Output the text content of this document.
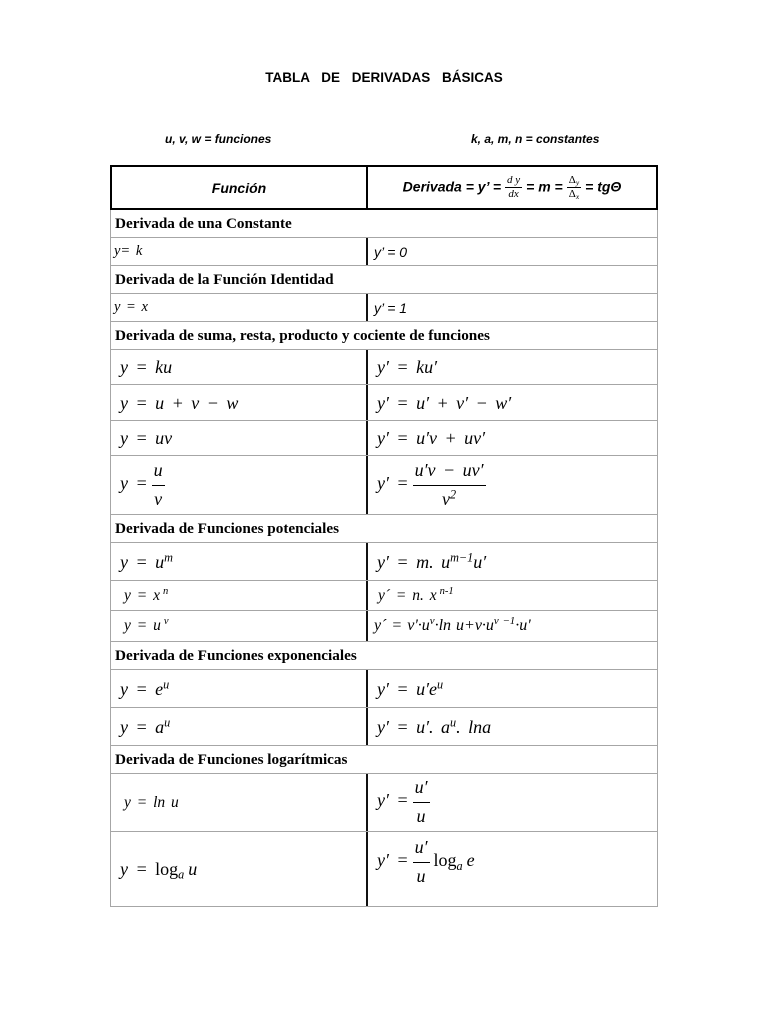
TABLA DE DERIVADAS BÁSICAS
u, v, w = funciones	k, a, m, n = constantes
Función	Derivada = y’ = $\frac{\text{d y}}{dx} = m = \frac{\Delta_y}{\Delta_x} = tg\Theta$
Derivada de una Constante
y= k	y’ = 0
Derivada de la Función Identidad
y = x	y’ = 1
Derivada de suma, resta, producto y cociente de funciones
y = ku	y′ = ku′
y = u + v − w	y′ = u′ + v′ − w′
y = uv	y′ = u′v + uv′
$y = \frac{u}{v}$	$y' = \frac{u'v - uv'}{v^2}$
Derivada de Funciones potenciales
$y = u^m$	y′ = m. $u^{m-1}u'$
y = x $^n$	y´ = n. x $^{n-1}$
y = u $^v$	y´ = $v'\cdot u^v\cdot\ln$ $u+v\cdot u^{v -1}\cdot u'$
Derivada de Funciones exponenciales
$y = e^u$	$y' = u'e^u$
$y = a^u$	y′ = u′. $a^u$. lna
Derivada de Funciones logarítmicas
y = ln u	$y' = \frac{u'}{u}$
$y = \log_a u$	$y' = \frac{u'}{u} \log_a e$
